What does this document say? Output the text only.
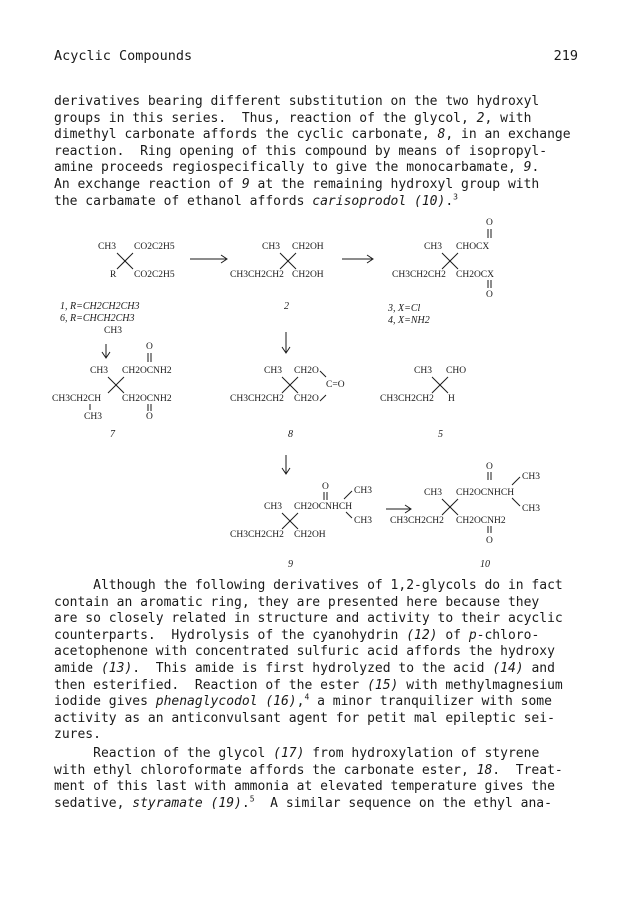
Acyclic Compounds	219
derivatives bearing different substitution on the two hydroxyl
groups in this series.  Thus, reaction of the glycol, 2, with
dimethyl carbonate affords the cyclic carbonate, 8, in an exchange
reaction.  Ring opening of this compound by means of isopropyl-
amine proceeds regiospecifically to give the monocarbamate, 9.
An exchange reaction of 9 at the remaining hydroxyl group with
the carbamate of ethanol affords carisoprodol (10).$^3$
CH3 CO2C2H5
R CO2C2H5
1, R=CH2CH2CH3
6, R=CHCH2CH3
CH3
CH3 CH2OH
CH3CH2CH2 CH2OH
2
O
CH3 CHOCX
CH3CH2CH2 CH2OCX
O
3, X=Cl
4, X=NH2
O
CH3 CH2OCNH2
CH3CH2CH CH2OCNH2
CH3	O
7
CH3 CH2O
C=O
CH3CH2CH2 CH2O
8
CH3 CHO
CH3CH2CH2 H
5
O	CH3
CH3 CH2OCNHCH
CH3
CH3CH2CH2 CH2OH
9
O
CH3
CH3 CH2OCNHCH
CH3
CH3CH2CH2 CH2OCNH2
O
10
Although the following derivatives of 1,2-glycols do in fact
contain an aromatic ring, they are presented here because they
are so closely related in structure and activity to their acyclic
counterparts.  Hydrolysis of the cyanohydrin (12) of p-chloro-
acetophenone with concentrated sulfuric acid affords the hydroxy
amide (13).  This amide is first hydrolyzed to the acid (14) and
then esterified.  Reaction of the ester (15) with methylmagnesium
iodide gives phenaglycodol (16),$^4$ a minor tranquilizer with some
activity as an anticonvulsant agent for petit mal epileptic sei-
zures.
Reaction of the glycol (17) from hydroxylation of styrene
with ethyl chloroformate affords the carbonate ester, 18.  Treat-
ment of this last with ammonia at elevated temperature gives the
sedative, styramate (19).$^5$  A similar sequence on the ethyl ana-
